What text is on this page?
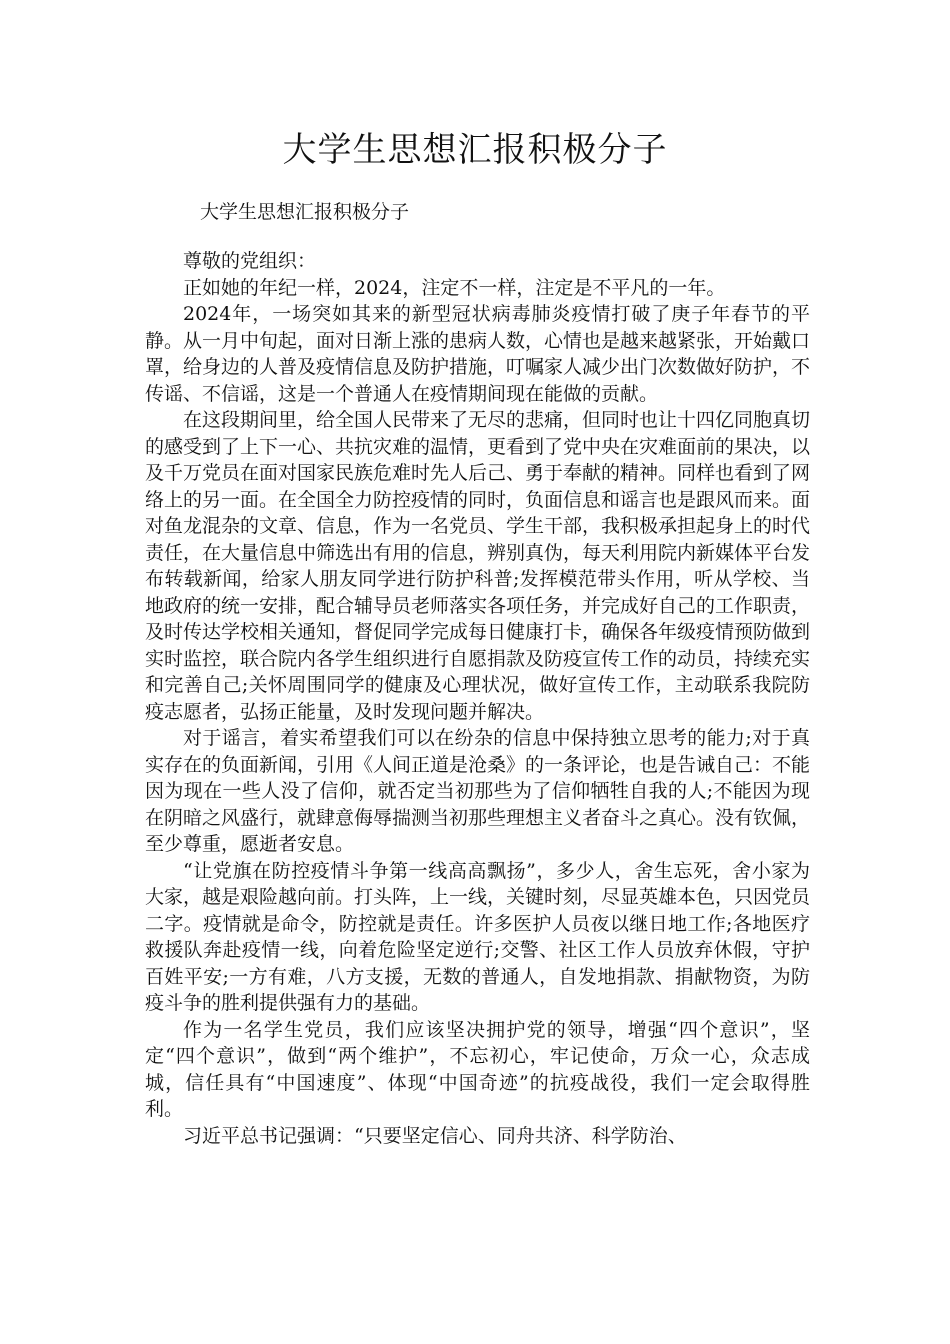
大学生思想汇报积极分子
大学生思想汇报积极分子

尊敬的党组织：

正如她的年纪一样，2024，注定不一样，注定是不平凡的一年。

2024年，一场突如其来的新型冠状病毒肺炎疫情打破了庚子年春节的平静。从一月中旬起，面对日渐上涨的患病人数，心情也是越来越紧张，开始戴口罩，给身边的人普及疫情信息及防护措施，叮嘱家人减少出门次数做好防护，不传谣、不信谣，这是一个普通人在疫情期间现在能做的贡献。

在这段期间里，给全国人民带来了无尽的悲痛，但同时也让十四亿同胞真切的感受到了上下一心、共抗灾难的温情，更看到了党中央在灾难面前的果决，以及千万党员在面对国家民族危难时先人后己、勇于奉献的精神。同样也看到了网络上的另一面。在全国全力防控疫情的同时，负面信息和谣言也是跟风而来。面对鱼龙混杂的文章、信息，作为一名党员、学生干部，我积极承担起身上的时代责任，在大量信息中筛选出有用的信息，辨别真伪，每天利用院内新媒体平台发布转载新闻，给家人朋友同学进行防护科普;发挥模范带头作用，听从学校、当地政府的统一安排，配合辅导员老师落实各项任务，并完成好自己的工作职责，及时传达学校相关通知，督促同学完成每日健康打卡，确保各年级疫情预防做到实时监控，联合院内各学生组织进行自愿捐款及防疫宣传工作的动员，持续充实和完善自己;关怀周围同学的健康及心理状况，做好宣传工作，主动联系我院防疫志愿者，弘扬正能量，及时发现问题并解决。

对于谣言，着实希望我们可以在纷杂的信息中保持独立思考的能力;对于真实存在的负面新闻，引用《人间正道是沧桑》的一条评论，也是告诫自己：不能因为现在一些人没了信仰，就否定当初那些为了信仰牺牲自我的人;不能因为现在阴暗之风盛行，就肆意侮辱揣测当初那些理想主义者奋斗之真心。没有钦佩，至少尊重，愿逝者安息。

“让党旗在防控疫情斗争第一线高高飘扬”，多少人，舍生忘死，舍小家为大家，越是艰险越向前。打头阵，上一线，关键时刻，尽显英雄本色，只因党员二字。疫情就是命令，防控就是责任。许多医护人员夜以继日地工作;各地医疗救援队奔赴疫情一线，向着危险坚定逆行;交警、社区工作人员放弃休假，守护百姓平安;一方有难，八方支援，无数的普通人，自发地捐款、捐献物资，为防疫斗争的胜利提供强有力的基础。

作为一名学生党员，我们应该坚决拥护党的领导，增强“四个意识”，坚定“四个意识”，做到“两个维护”，不忘初心，牢记使命，万众一心，众志成城，信任具有“中国速度”、体现“中国奇迹”的抗疫战役，我们一定会取得胜利。

习近平总书记强调：“只要坚定信心、同舟共济、科学防治、
